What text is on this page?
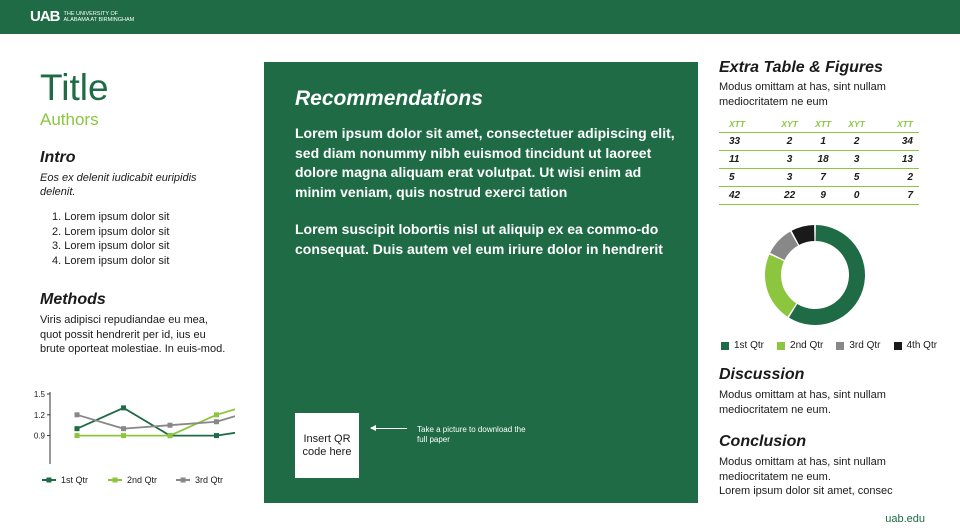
UAB THE UNIVERSITY OF
ALABAMA AT BIRMINGHAM
Title
Authors
Intro
Eos ex delenit iudicabit euripidis delenit.
1. Lorem ipsum dolor sit
2. Lorem ipsum dolor sit
3. Lorem ipsum dolor sit
4. Lorem ipsum dolor sit
Methods
Viris adipisci repudiandae eu mea, quot possit hendrerit per id, ius eu brute oporteat molestiae. In euis-mod.
1.5
1.2
0.9
1st Qtr	2nd Qtr	3rd Qtr
Recommendations
Lorem ipsum dolor sit amet, consectetuer adipiscing elit, sed diam nonummy nibh euismod tincidunt ut laoreet dolore magna aliquam erat volutpat. Ut wisi enim ad minim veniam, quis nostrud exerci tation
Lorem suscipit lobortis nisl ut aliquip ex ea commo-do consequat. Duis autem vel eum iriure dolor in hendrerit
Insert QR code here
Take a picture to download the full paper
Extra Table & Figures
Modus omittam at has, sint nullam mediocritatem ne eum
XTT	XYT	XTT	XYT	XTT
33	2	1	2	34
11	3	18	3	13
5	3	7	5	2
42	22	9	0	7
1st Qtr	2nd Qtr	3rd Qtr	4th Qtr
Discussion
Modus omittam at has, sint nullam mediocritatem ne eum.
Conclusion
Modus omittam at has, sint nullam mediocritatem ne eum.
Lorem ipsum dolor sit amet, consec
uab.edu
